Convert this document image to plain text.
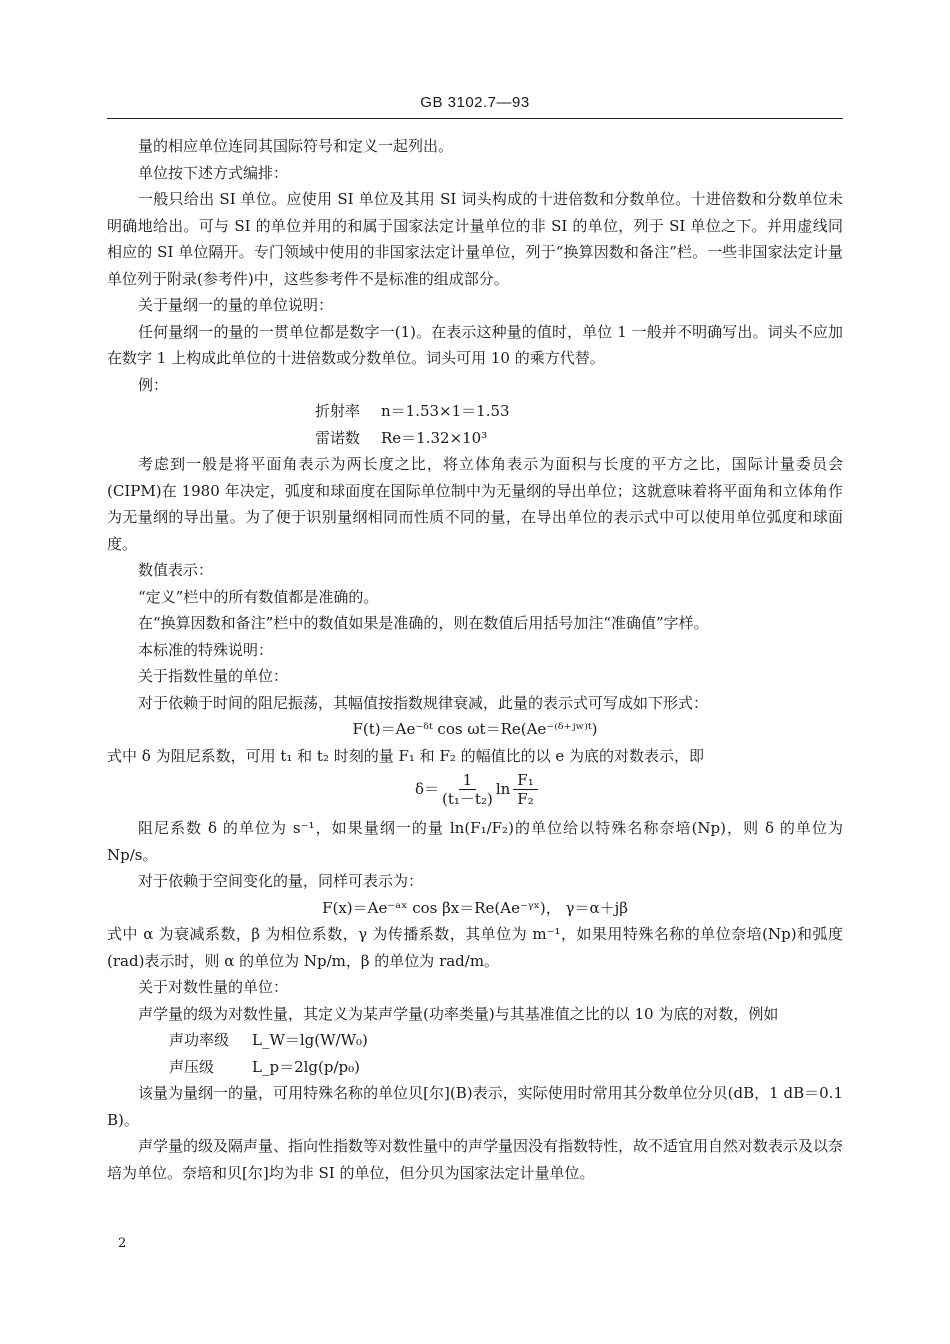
GB 3102.7—93

量的相应单位连同其国际符号和定义一起列出。

单位按下述方式编排：

一般只给出 SI 单位。应使用 SI 单位及其用 SI 词头构成的十进倍数和分数单位。十进倍数和分数单位未明确地给出。可与 SI 的单位并用的和属于国家法定计量单位的非 SI 的单位，列于 SI 单位之下。并用虚线同相应的 SI 单位隔开。专门领域中使用的非国家法定计量单位，列于“换算因数和备注”栏。一些非国家法定计量单位列于附录(参考件)中，这些参考件不是标准的组成部分。

关于量纲一的量的单位说明：

任何量纲一的量的一贯单位都是数字一(1)。在表示这种量的值时，单位 1 一般并不明确写出。词头不应加在数字 1 上构成此单位的十进倍数或分数单位。词头可用 10 的乘方代替。

例：

折射率 n＝1.53×1＝1.53
雷诺数 Re＝1.32×10³

考虑到一般是将平面角表示为两长度之比，将立体角表示为面积与长度的平方之比，国际计量委员会(CIPM)在 1980 年决定，弧度和球面度在国际单位制中为无量纲的导出单位；这就意味着将平面角和立体角作为无量纲的导出量。为了便于识别量纲相同而性质不同的量，在导出单位的表示式中可以使用单位弧度和球面度。

数值表示：

“定义”栏中的所有数值都是准确的。

在“换算因数和备注”栏中的数值如果是准确的，则在数值后用括号加注“准确值”字样。

本标准的特殊说明：

关于指数性量的单位：

对于依赖于时间的阻尼振荡，其幅值按指数规律衰减，此量的表示式可写成如下形式：

F(t)＝Ae⁻ᵟᵗ cos ωt＝Re(Ae⁻⁽ᵟ⁺ʲʷ⁾ᵗ)

式中 δ 为阻尼系数，可用 t₁ 和 t₂ 时刻的量 F₁ 和 F₂ 的幅值比的以 e 为底的对数表示，即

$\delta= \frac{1}{\text{(t₁－t₂)}}$ $\ln \frac{\text{F₁}}{\text{F₂}}$

阻尼系数 δ 的单位为 s⁻¹，如果量纲一的量 ln(F₁/F₂)的单位给以特殊名称奈培(Np)，则 δ 的单位为 Np/s。

对于依赖于空间变化的量，同样可表示为：

F(x)＝Ae⁻ᵃˣ cos βx＝Re(Ae⁻ᵞˣ)， γ＝α＋jβ

式中 α 为衰减系数，β 为相位系数，γ 为传播系数，其单位为 m⁻¹，如果用特殊名称的单位奈培(Np)和弧度(rad)表示时，则 α 的单位为 Np/m，β 的单位为 rad/m。

关于对数性量的单位：

声学量的级为对数性量，其定义为某声学量(功率类量)与其基准值之比的以 10 为底的对数，例如

声功率级 L_W＝lg(W/W₀)
声压级	L_p＝2lg(p/p₀)

该量为量纲一的量，可用特殊名称的单位贝[尔](B)表示，实际使用时常用其分数单位分贝(dB，1 dB＝0.1 B)。

声学量的级及隔声量、指向性指数等对数性量中的声学量因没有指数特性，故不适宜用自然对数表示及以奈培为单位。奈培和贝[尔]均为非 SI 的单位，但分贝为国家法定计量单位。

2
